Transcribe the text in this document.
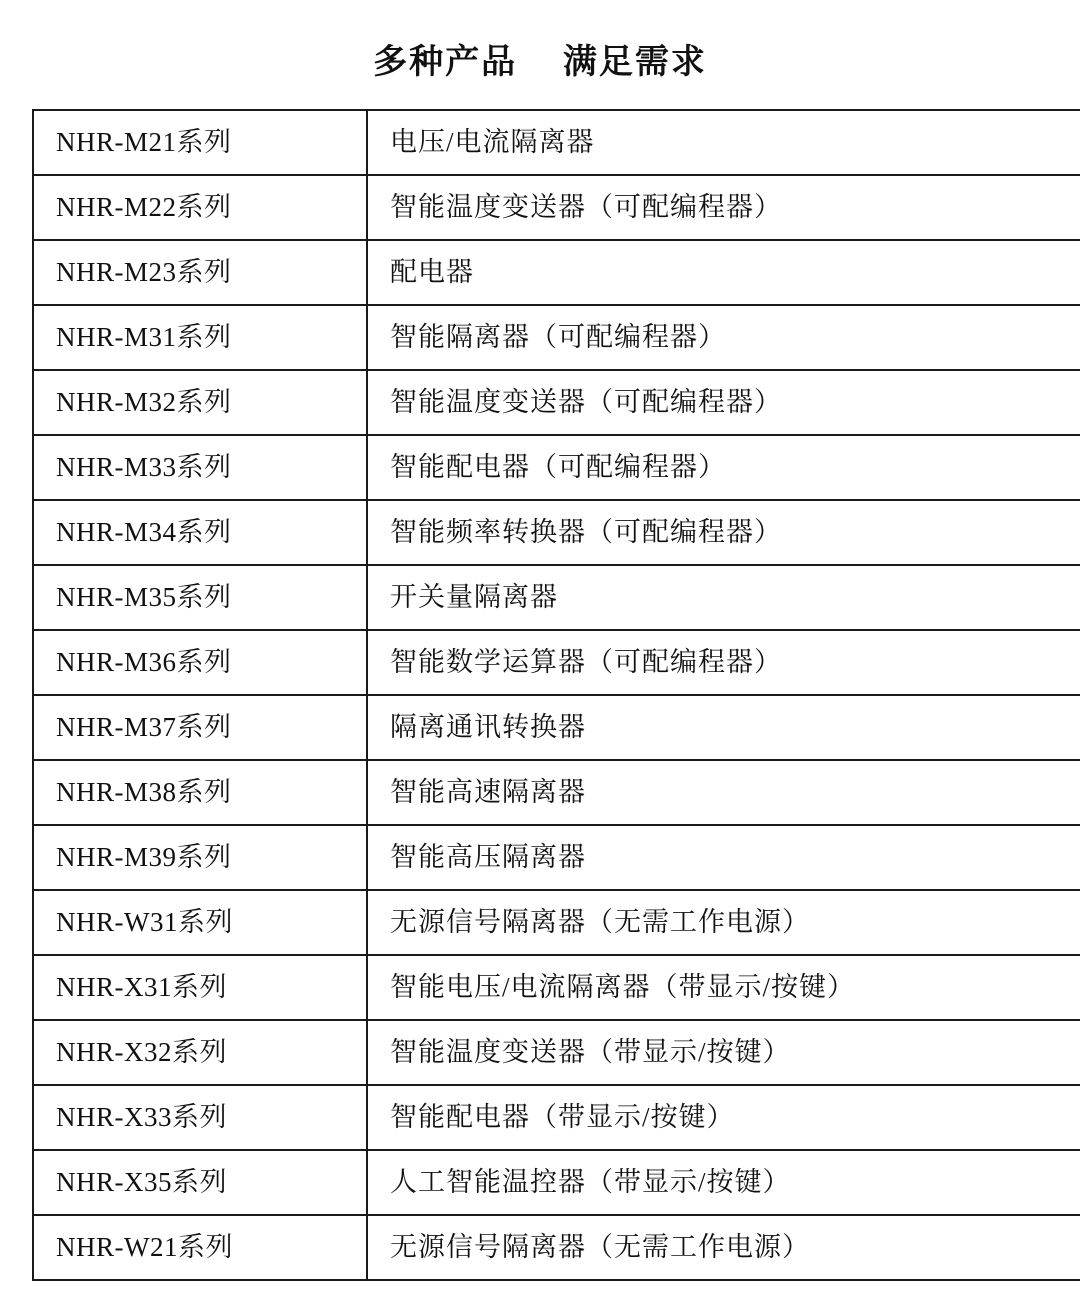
多种产品    满足需求
NHR-M21系列	电压/电流隔离器
NHR-M22系列	智能温度变送器（可配编程器）
NHR-M23系列	配电器
NHR-M31系列	智能隔离器（可配编程器）
NHR-M32系列	智能温度变送器（可配编程器）
NHR-M33系列	智能配电器（可配编程器）
NHR-M34系列	智能频率转换器（可配编程器）
NHR-M35系列	开关量隔离器
NHR-M36系列	智能数学运算器（可配编程器）
NHR-M37系列	隔离通讯转换器
NHR-M38系列	智能高速隔离器
NHR-M39系列	智能高压隔离器
NHR-W31系列	无源信号隔离器（无需工作电源）
NHR-X31系列	智能电压/电流隔离器（带显示/按键）
NHR-X32系列	智能温度变送器（带显示/按键）
NHR-X33系列	智能配电器（带显示/按键）
NHR-X35系列	人工智能温控器（带显示/按键）
NHR-W21系列	无源信号隔离器（无需工作电源）
